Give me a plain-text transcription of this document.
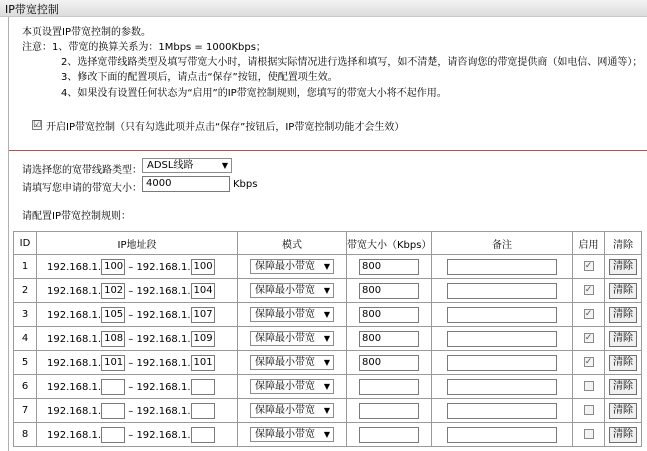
IP带宽控制
本页设置IP带宽控制的参数。
注意：1、带宽的换算关系为：1Mbps = 1000Kbps；
2、选择宽带线路类型及填写带宽大小时，请根据实际情况进行选择和填写，如不清楚，请咨询您的带宽提供商（如电信、网通等）；
3、修改下面的配置项后，请点击“保存”按钮，使配置项生效。
4、如果没有设置任何状态为“启用”的IP带宽控制规则，您填写的带宽大小将不起作用。
☑ 开启IP带宽控制（只有勾选此项并点击“保存”按钮后，IP带宽控制功能才会生效）
请选择您的宽带线路类型： ADSL线路	▼
请填写您申请的带宽大小： 4000	Kbps
请配置IP带宽控制规则：
ID	IP地址段	模式	带宽大小（Kbps）	备注	启用	清除
1	192.168.1. 100 – 192.168.1. 100	保障最小带宽 ▼	800		✓	清除
2	192.168.1. 102 – 192.168.1. 104	保障最小带宽 ▼	800		✓	清除
3	192.168.1. 105 – 192.168.1. 107	保障最小带宽 ▼	800		✓	清除
4	192.168.1. 108 – 192.168.1. 109	保障最小带宽 ▼	800		✓	清除
5	192.168.1. 101 – 192.168.1. 101	保障最小带宽 ▼	800		✓	清除
6	192.168.1. – 192.168.1.	保障最小带宽 ▼				清除
7	192.168.1. – 192.168.1.	保障最小带宽 ▼				清除
8	192.168.1. – 192.168.1.	保障最小带宽 ▼				清除
